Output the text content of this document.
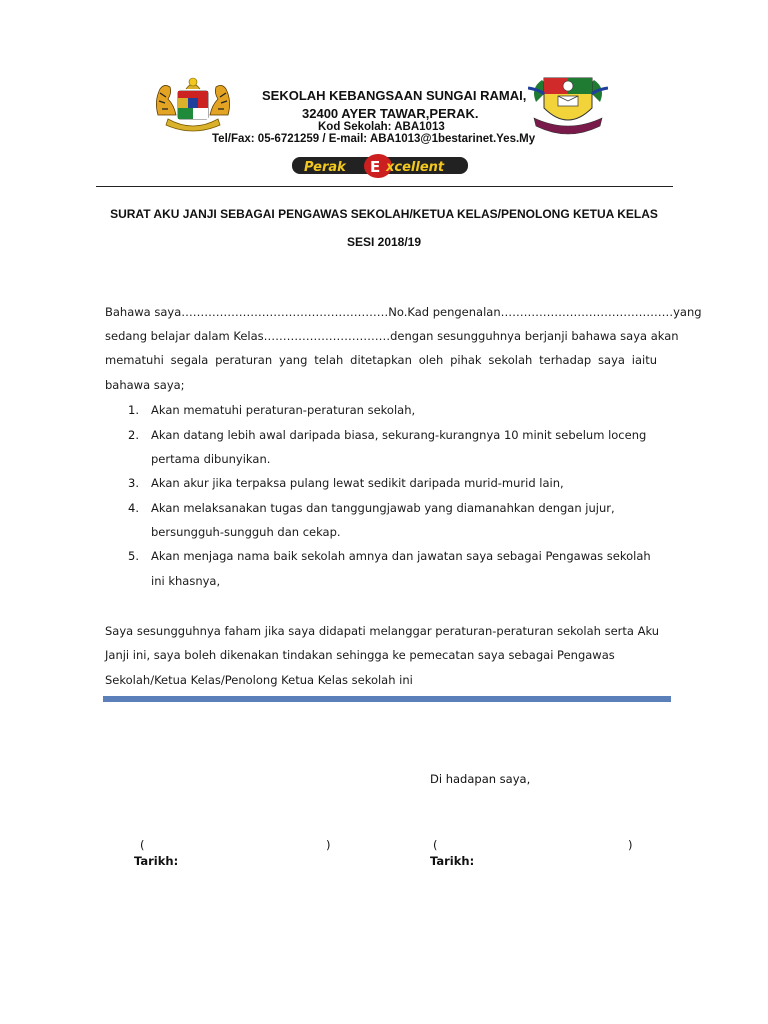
SEKOLAH KEBANGSAAN SUNGAI RAMAI,
32400 AYER TAWAR,PERAK.
Kod Sekolah: ABA1013
Tel/Fax: 05-6721259 / E-mail: ABA1013@1bestarinet.Yes.My
Perak E xcellent
SURAT AKU JANJI SEBAGAI PENGAWAS SEKOLAH/KETUA KELAS/PENOLONG KETUA KELAS
SESI 2018/19
Bahawa saya………………………………………………No.Kad pengenalan………………………………………yang
sedang belajar dalam Kelas……………………………dengan sesungguhnya berjanji bahawa saya akan
mematuhi segala peraturan yang telah ditetapkan oleh pihak sekolah terhadap saya iaitu
bahawa saya;
1. Akan mematuhi peraturan-peraturan sekolah,
2. Akan datang lebih awal daripada biasa, sekurang-kurangnya 10 minit sebelum loceng
pertama dibunyikan.
3. Akan akur jika terpaksa pulang lewat sedikit daripada murid-murid lain,
4. Akan melaksanakan tugas dan tanggungjawab yang diamanahkan dengan jujur,
bersungguh-sungguh dan cekap.
5. Akan menjaga nama baik sekolah amnya dan jawatan saya sebagai Pengawas sekolah
ini khasnya,
Saya sesungguhnya faham jika saya didapati melanggar peraturan-peraturan sekolah serta Aku
Janji ini, saya boleh dikenakan tindakan sehingga ke pemecatan saya sebagai Pengawas
Sekolah/Ketua Kelas/Penolong Ketua Kelas sekolah ini
Di hadapan saya,
(	)
Tarikh:
(	)
Tarikh:
